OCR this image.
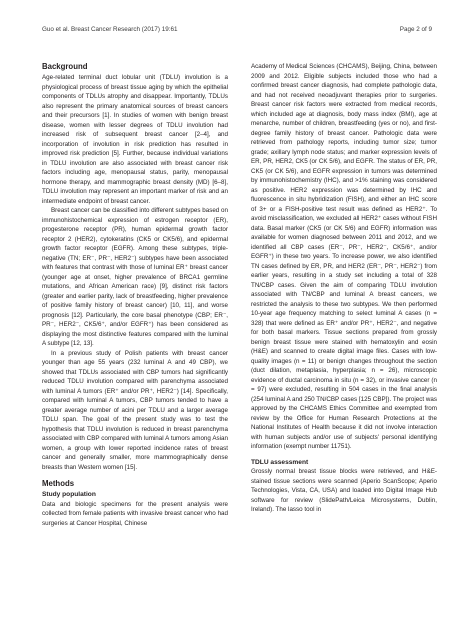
Guo et al. Breast Cancer Research (2017) 19:61	Page 2 of 9
Background

Age-related terminal duct lobular unit (TDLU) involution is a physiological process of breast tissue aging by which the epithelial components of TDLUs atrophy and disappear. Importantly, TDLUs also represent the primary anatomical sources of breast cancers and their precursors [1]. In studies of women with benign breast disease, women with lesser degrees of TDLU involution had increased risk of subsequent breast cancer [2–4], and incorporation of involution in risk prediction has resulted in improved risk prediction [5]. Further, because individual variations in TDLU involution are also associated with breast cancer risk factors including age, menopausal status, parity, menopausal hormone therapy, and mammographic breast density (MD) [6–8], TDLU involution may represent an important marker of risk and an intermediate endpoint of breast cancer.

Breast cancer can be classified into different subtypes based on immunohistochemical expression of estrogen receptor (ER), progesterone receptor (PR), human epidermal growth factor receptor 2 (HER2), cytokeratins (CK5 or CK5/6), and epidermal growth factor receptor (EGFR). Among these subtypes, triple-negative (TN; ER⁻, PR⁻, HER2⁻) subtypes have been associated with features that contrast with those of luminal ER⁺ breast cancer (younger age at onset, higher prevalence of BRCA1 germline mutations, and African American race) [9], distinct risk factors (greater and earlier parity, lack of breastfeeding, higher prevalence of positive family history of breast cancer) [10, 11], and worse prognosis [12]. Particularly, the core basal phenotype (CBP; ER⁻, PR⁻, HER2⁻, CK5/6⁺, and/or EGFR⁺) has been considered as displaying the most distinctive features compared with the luminal A subtype [12, 13].

In a previous study of Polish patients with breast cancer younger than age 55 years (232 luminal A and 49 CBP), we showed that TDLUs associated with CBP tumors had significantly reduced TDLU involution compared with parenchyma associated with luminal A tumors (ER⁺ and/or PR⁺, HER2⁻) [14]. Specifically, compared with luminal A tumors, CBP tumors tended to have a greater average number of acini per TDLU and a larger average TDLU span. The goal of the present study was to test the hypothesis that TDLU involution is reduced in breast parenchyma associated with CBP compared with luminal A tumors among Asian women, a group with lower reported incidence rates of breast cancer and generally smaller, more mammographically dense breasts than Western women [15].

Methods
Study population

Data and biologic specimens for the present analysis were collected from female patients with invasive breast cancer who had surgeries at Cancer Hospital, Chinese

Academy of Medical Sciences (CHCAMS), Beijing, China, between 2009 and 2012. Eligible subjects included those who had a confirmed breast cancer diagnosis, had complete pathologic data, and had not received neoadjuvant therapies prior to surgeries. Breast cancer risk factors were extracted from medical records, which included age at diagnosis, body mass index (BMI), age at menarche, number of children, breastfeeding (yes or no), and first-degree family history of breast cancer. Pathologic data were retrieved from pathology reports, including tumor size; tumor grade; axillary lymph node status; and marker expression levels of ER, PR, HER2, CK5 (or CK 5/6), and EGFR. The status of ER, PR, CK5 (or CK 5/6), and EGFR expression in tumors was determined by immunohistochemistry (IHC), and >1% staining was considered as positive. HER2 expression was determined by IHC and fluorescence in situ hybridization (FISH), and either an IHC score of 3+ or a FISH-positive test result was defined as HER2⁺. To avoid misclassification, we excluded all HER2⁺ cases without FISH data. Basal marker (CK5 (or CK 5/6) and EGFR) information was available for women diagnosed between 2011 and 2012, and we identified all CBP cases (ER⁻, PR⁻, HER2⁻, CK5/6⁺, and/or EGFR⁺) in these two years. To increase power, we also identified TN cases defined by ER, PR, and HER2 (ER⁻, PR⁻, HER2⁻) from earlier years, resulting in a study set including a total of 328 TN/CBP cases. Given the aim of comparing TDLU involution associated with TN/CBP and luminal A breast cancers, we restricted the analysis to these two subtypes. We then performed 10-year age frequency matching to select luminal A cases (n = 328) that were defined as ER⁺ and/or PR⁺, HER2⁻, and negative for both basal markers. Tissue sections prepared from grossly benign breast tissue were stained with hematoxylin and eosin (H&E) and scanned to create digital image files. Cases with low-quality images (n = 11) or benign changes throughout the section (duct dilation, metaplasia, hyperplasia; n = 26), microscopic evidence of ductal carcinoma in situ (n = 32), or invasive cancer (n = 97) were excluded, resulting in 504 cases in the final analysis (254 luminal A and 250 TN/CBP cases [125 CBP]). The project was approved by the CHCAMS Ethics Committee and exempted from review by the Office for Human Research Protections at the National Institutes of Health because it did not involve interaction with human subjects and/or use of subjects' personal identifying information (exempt number 11751).

TDLU assessment

Grossly normal breast tissue blocks were retrieved, and H&E-stained tissue sections were scanned (Aperio ScanScope; Aperio Technologies, Vista, CA, USA) and loaded into Digital Image Hub software for review (SlidePath/Leica Microsystems, Dublin, Ireland). The lasso tool in
